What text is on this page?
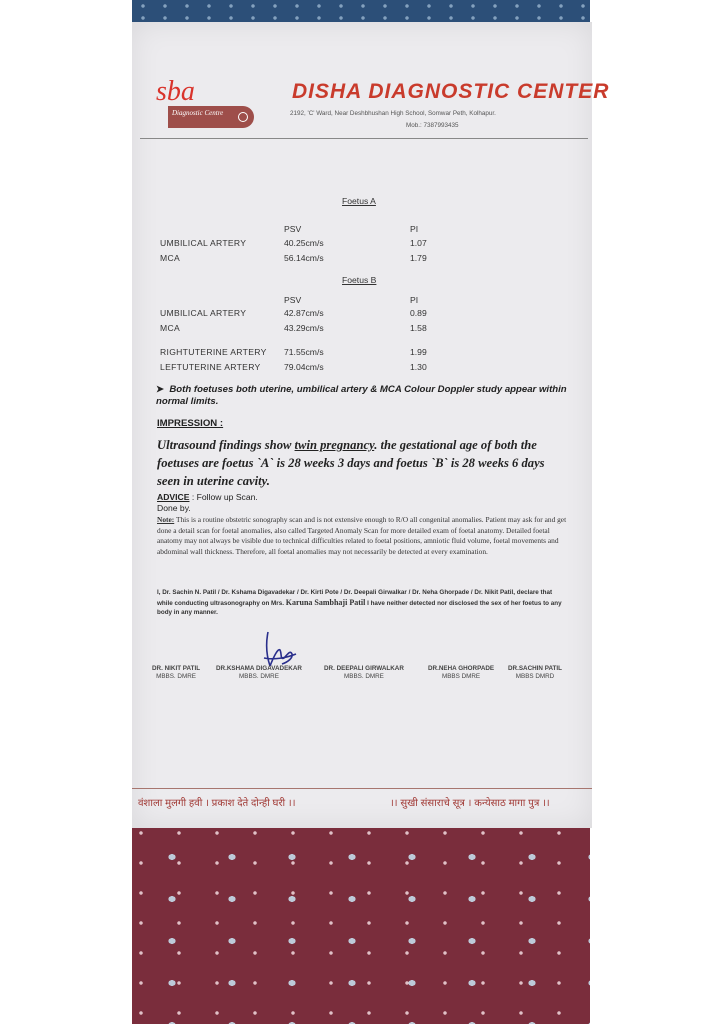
sba
Diagnostic Centre
DISHA DIAGNOSTIC CENTER
2192, 'C' Ward, Near Deshbhushan High School, Somwar Peth, Kolhapur.
Mob.: 7387993435
Foetus A
PSV	PI
UMBILICAL ARTERY	40.25cm/s	1.07
MCA	56.14cm/s	1.79
Foetus B
PSV	PI
UMBILICAL ARTERY	42.87cm/s	0.89
MCA	43.29cm/s	1.58
RIGHTUTERINE ARTERY 71.55cm/s	1.99
LEFTUTERINE ARTERY	79.04cm/s	1.30
➤  Both foetuses both uterine, umbilical artery & MCA Colour Doppler study appear within normal limits.
IMPRESSION :
Ultrasound findings show twin pregnancy. the gestational age of both the foetuses are foetus `A` is 28 weeks 3 days and foetus `B` is 28 weeks 6 days seen in uterine cavity.
ADVICE : Follow up Scan.
Done by.
Note: This is a routine obstetric sonography scan and is not extensive enough to R/O all congenital anomalies. Patient may ask for and get done a detail scan for foetal anomalies, also called Targeted Anomaly Scan for more detailed exam of foetal anatomy. Detailed foetal anatomy may not always be visible due to technical difficulties related to foetal positions, amniotic fluid volume, foetal movements and abdominal wall thickness. Therefore, all foetal anomalies may not necessarily be detected at every examination.
I, Dr. Sachin N. Patil / Dr. Kshama Digavadekar / Dr. Kirti Pote / Dr. Deepali Girwalkar / Dr. Neha Ghorpade / Dr. Nikit Patil, declare that while conducting ultrasonography on Mrs. Karuna Sambhaji Patil I have neither detected nor disclosed the sex of her foetus to any body in any manner.
DR. NIKIT PATIL
MBBS. DMRE
DR.KSHAMA DIGAVADEKAR
MBBS. DMRE
DR. DEEPALI GIRWALKAR
MBBS. DMRE
DR.NEHA GHORPADE
MBBS DMRE
DR.SACHIN PATIL
MBBS DMRD
वंशाला मुलगी हवी । प्रकाश देते दोन्ही घरी ।।	।। सुखी संसाराचे सूत्र । कन्येसाठ मागा पुत्र ।।
